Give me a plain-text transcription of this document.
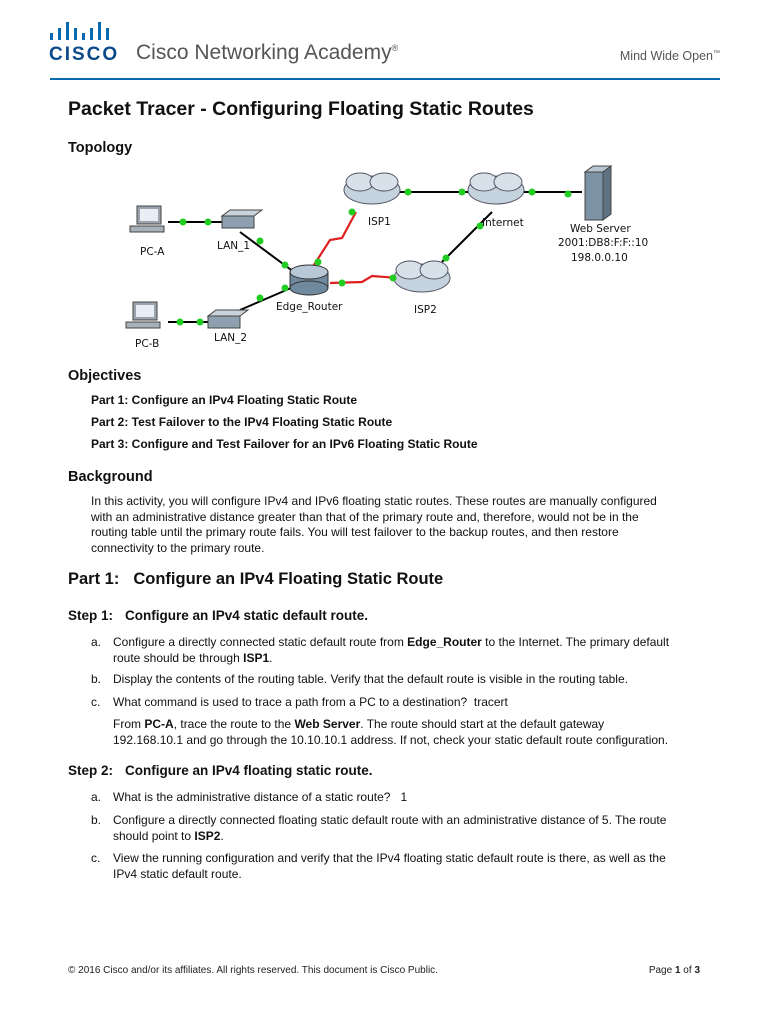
CISCO Cisco Networking Academy®
Mind Wide Open™
Packet Tracer - Configuring Floating Static Routes
Topology
PC-A
PC-B
LAN_1
LAN_2
Edge_Router
ISP1
ISP2
Internet	Web Server
2001:DB8:F:F::10
198.0.0.10
Objectives
Part 1: Configure an IPv4 Floating Static Route
Part 2: Test Failover to the IPv4 Floating Static Route
Part 3: Configure and Test Failover for an IPv6 Floating Static Route
Background
In this activity, you will configure IPv4 and IPv6 floating static routes. These routes are manually configured
with an administrative distance greater than that of the primary route and, therefore, would not be in the
routing table until the primary route fails. You will test failover to the backup routes, and then restore
connectivity to the primary route.
Part 1: Configure an IPv4 Floating Static Route
Step 1: Configure an IPv4 static default route.
a. Configure a directly connected static default route from Edge_Router to the Internet. The primary default
route should be through ISP1.
b. Display the contents of the routing table. Verify that the default route is visible in the routing table.
c. What command is used to trace a path from a PC to a destination? tracert
From PC-A, trace the route to the Web Server. The route should start at the default gateway
192.168.10.1 and go through the 10.10.10.1 address. If not, check your static default route configuration.
Step 2: Configure an IPv4 floating static route.
a. What is the administrative distance of a static route? 1
b. Configure a directly connected floating static default route with an administrative distance of 5. The route
should point to ISP2.
c. View the running configuration and verify that the IPv4 floating static default route is there, as well as the
IPv4 static default route.
© 2016 Cisco and/or its affiliates. All rights reserved. This document is Cisco Public.	Page 1 of 3
